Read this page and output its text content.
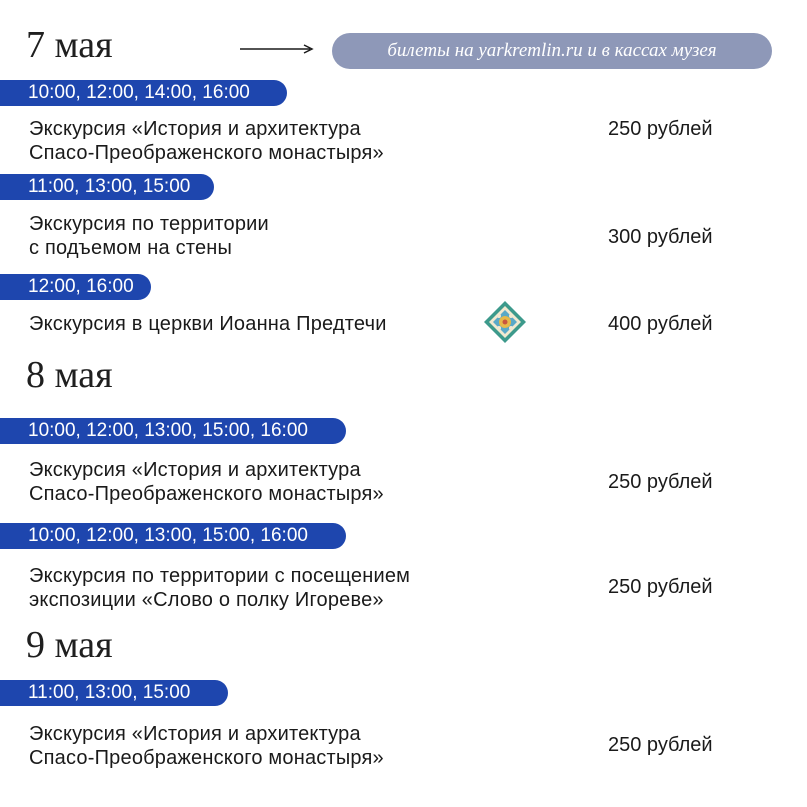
7 мая	билеты на yarkremlin.ru и в кассах музея
10:00, 12:00, 14:00, 16:00
Экскурсия «История и архитектура
Спасо-Преображенского монастыря»
250 рублей
11:00, 13:00, 15:00
Экскурсия по территории
с подъемом на стены	300 рублей
12:00, 16:00
Экскурсия в церкви Иоанна Предтечи	400 рублей
8 мая
10:00, 12:00, 13:00, 15:00, 16:00
Экскурсия «История и архитектура
Спасо-Преображенского монастыря»
250 рублей
10:00, 12:00, 13:00, 15:00, 16:00
Экскурсия по территории с посещением
экспозиции «Слово о полку Игореве»
250 рублей
9 мая
11:00, 13:00, 15:00
Экскурсия «История и архитектура
Спасо-Преображенского монастыря»
250 рублей
